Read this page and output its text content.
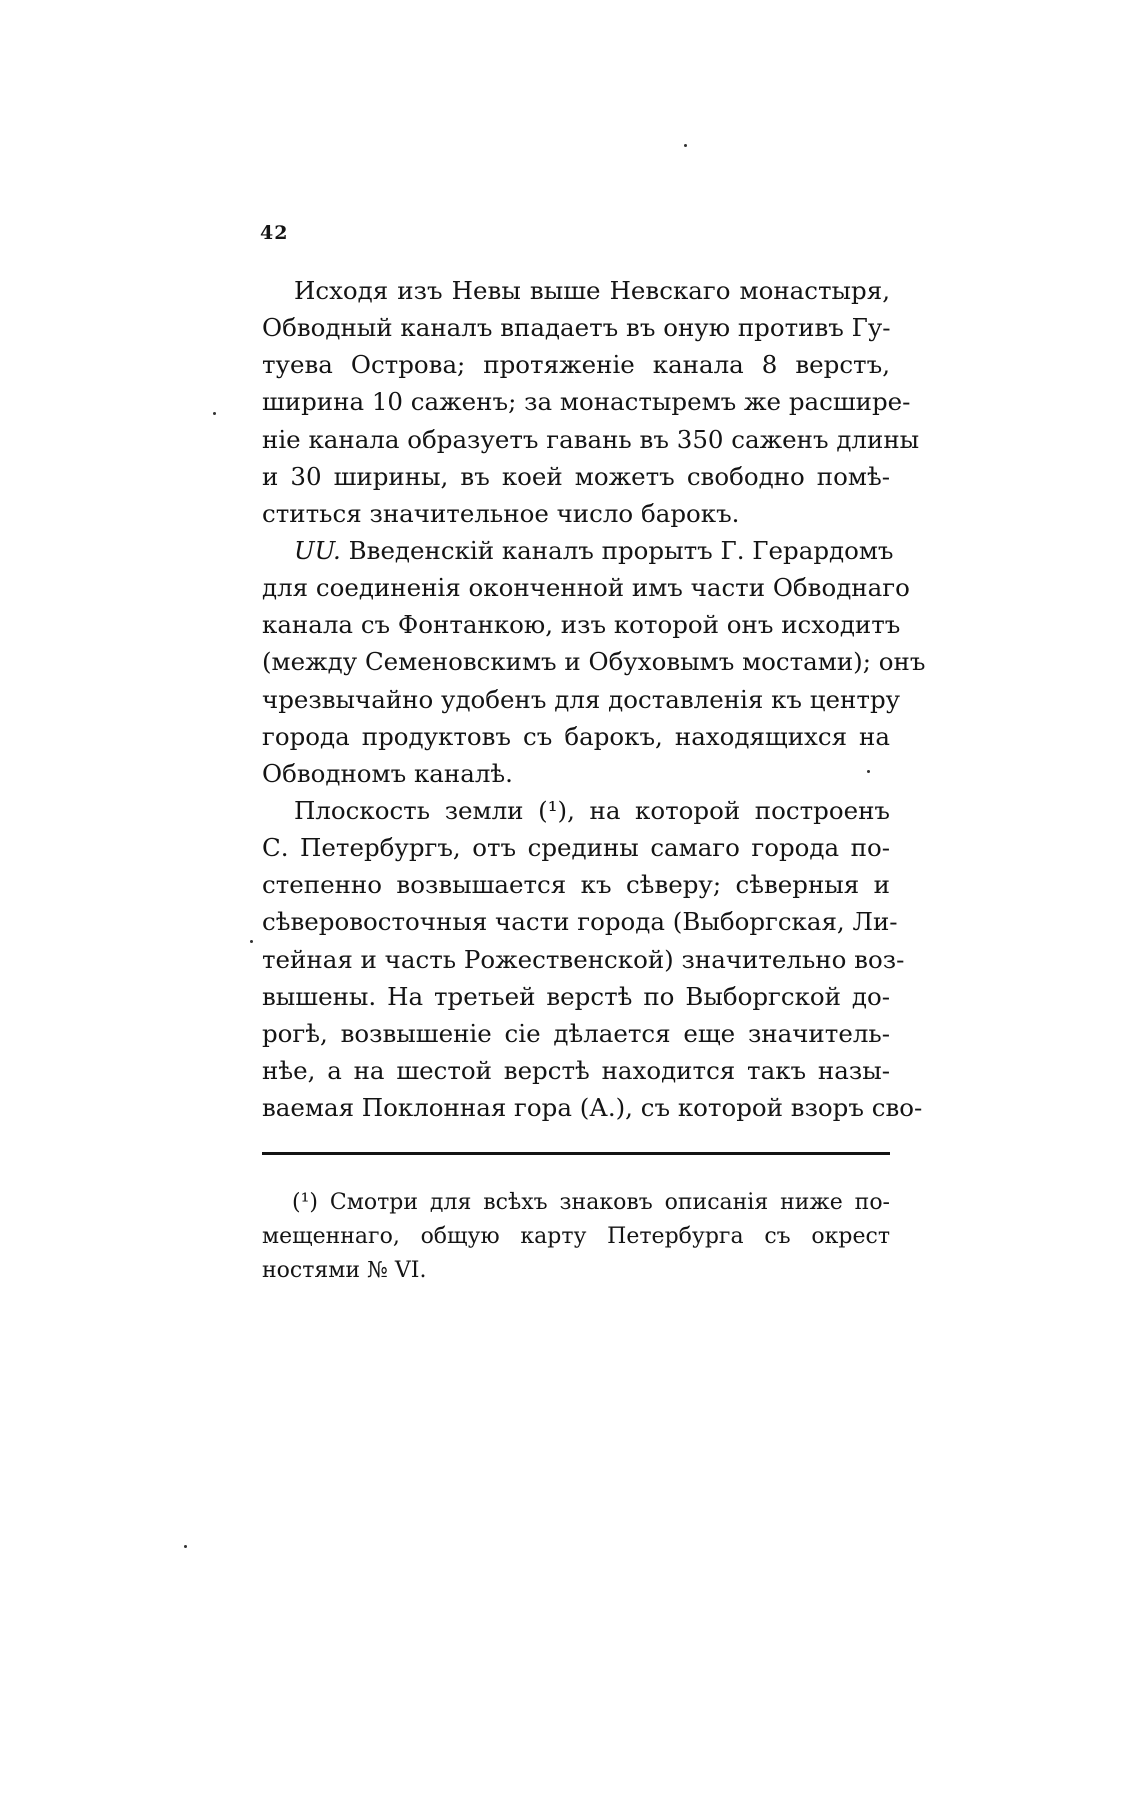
42
Исходя изъ Невы выше Невскаго монастыря,
Обводный каналъ впадаетъ въ оную противъ Гу-
туева Острова; протяженіе канала 8 верстъ,
ширина 10 саженъ; за монастыремъ же расшире-
ніе канала образуетъ гавань въ 350 саженъ длины
и 30 ширины, въ коей можетъ свободно помѣ-
ститься значительное число барокъ.
UU. Введенскій каналъ прорытъ Г. Герардомъ
для соединенія оконченной имъ части Обводнаго
канала съ Фонтанкою, изъ которой онъ исходитъ
(между Семеновскимъ и Обуховымъ мостами); онъ
чрезвычайно удобенъ для доставленія къ центру
города продуктовъ съ барокъ, находящихся на
Обводномъ каналѣ.
Плоскость земли (¹), на которой построенъ
С. Петербургъ, отъ средины самаго города по-
степенно возвышается къ сѣверу; сѣверныя и
сѣверовосточныя части города (Выборгская, Ли-
тейная и часть Рожественской) значительно воз-
вышены. На третьей верстѣ по Выборгской до-
рогѣ, возвышеніе сіе дѣлается еще значитель-
нѣе, а на шестой верстѣ находится такъ назы-
ваемая Поклонная гора (А.), съ которой взоръ сво-
(¹) Смотри для всѣхъ знаковъ описанія ниже по-
мещеннаго, общую карту Петербурга съ окрест
ностями № VI.
